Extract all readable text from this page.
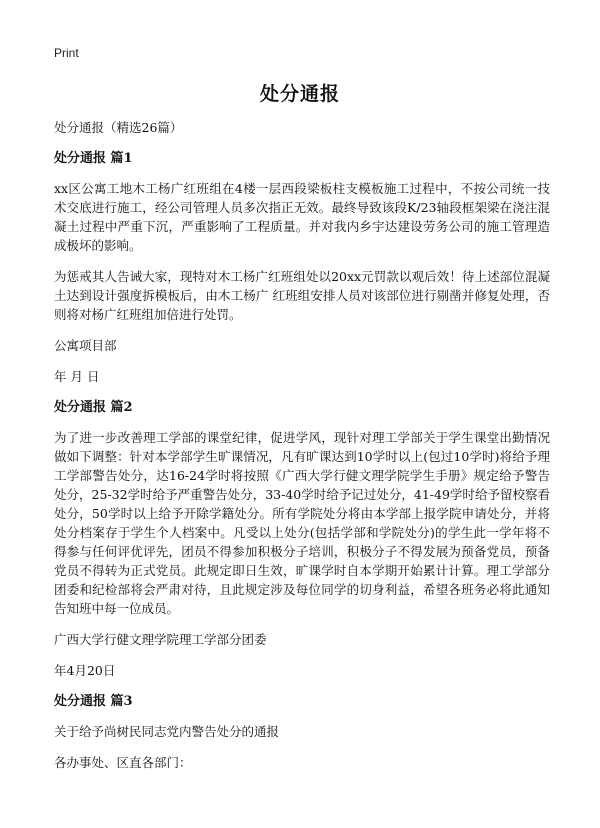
Print
处分通报

处分通报（精选26篇）

处分通报 篇1

xx区公寓工地木工杨广红班组在4楼一层西段梁板柱支模板施工过程中，不按公司统一技术交底进行施工，经公司管理人员多次指正无效。最终导致该段K/23轴段框架梁在浇注混凝土过程中严重下沉，严重影响了工程质量。并对我内乡宇达建设劳务公司的施工管理造成极坏的影响。

为惩戒其人告诫大家，现特对木工杨广红班组处以20xx元罚款以观后效！待上述部位混凝土达到设计强度拆模板后，由木工杨广 红班组安排人员对该部位进行剔凿并修复处理，否则将对杨广红班组加倍进行处罚。

公寓项目部

年 月 日

处分通报 篇2

为了进一步改善理工学部的课堂纪律，促进学风，现针对理工学部关于学生课堂出勤情况做如下调整：针对本学部学生旷课情况，凡有旷课达到10学时以上(包过10学时)将给予理工学部警告处分，达16-24学时将按照《广西大学行健文理学院学生手册》规定给予警告处分，25-32学时给予严重警告处分，33-40学时给予记过处分，41-49学时给予留校察看处分，50学时以上给予开除学籍处分。所有学院处分将由本学部上报学院申请处分，并将处分档案存于学生个人档案中。凡受以上处分(包括学部和学院处分)的学生此一学年将不得参与任何评优评先，团员不得参加积极分子培训，积极分子不得发展为预备党员，预备党员不得转为正式党员。此规定即日生效，旷课学时自本学期开始累计计算。理工学部分团委和纪检部将会严肃对待，且此规定涉及每位同学的切身利益，希望各班务必将此通知告知班中每一位成员。

广西大学行健文理学院理工学部分团委

年4月20日

处分通报 篇3

关于给予尚树民同志党内警告处分的通报

各办事处、区直各部门：
